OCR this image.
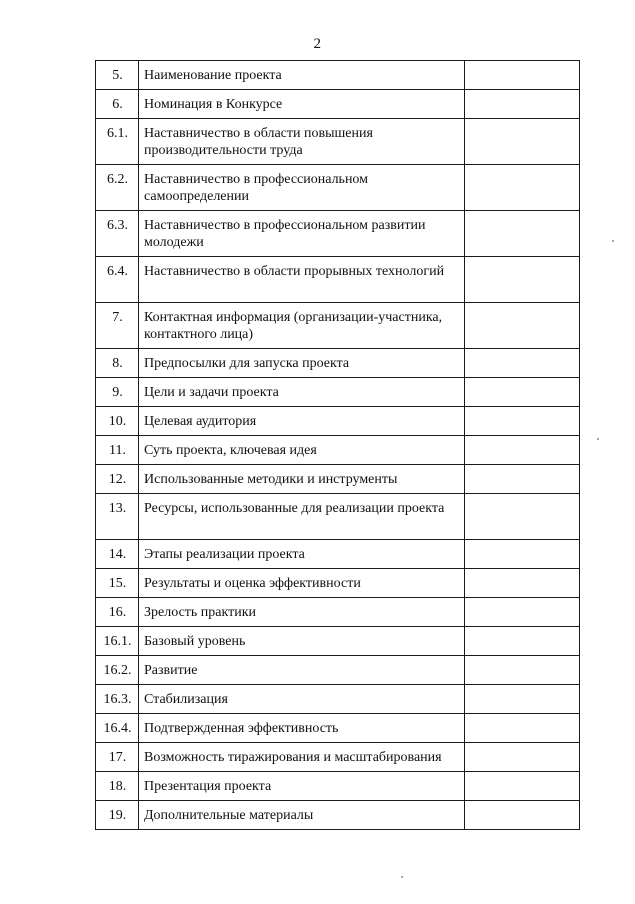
2
5.	Наименование проекта	
6.	Номинация в Конкурсе	
6.1.	Наставничество в области повышения производительности труда	
6.2.	Наставничество в профессиональном самоопределении	
6.3.	Наставничество в профессиональном развитии молодежи	
6.4.	Наставничество в области прорывных технологий	
7.	Контактная информация (организации-участника, контактного лица)	
8.	Предпосылки для запуска проекта	
9.	Цели и задачи проекта	
10.	Целевая аудитория	
11.	Суть проекта, ключевая идея	
12.	Использованные методики и инструменты	
13.	Ресурсы, использованные для реализации проекта	
14.	Этапы реализации проекта	
15.	Результаты и оценка эффективности	
16.	Зрелость практики	
16.1.	Базовый уровень	
16.2.	Развитие	
16.3.	Стабилизация	
16.4.	Подтвержденная эффективность	
17.	Возможность тиражирования и масштабирования	
18.	Презентация проекта	
19.	Дополнительные материалы	
